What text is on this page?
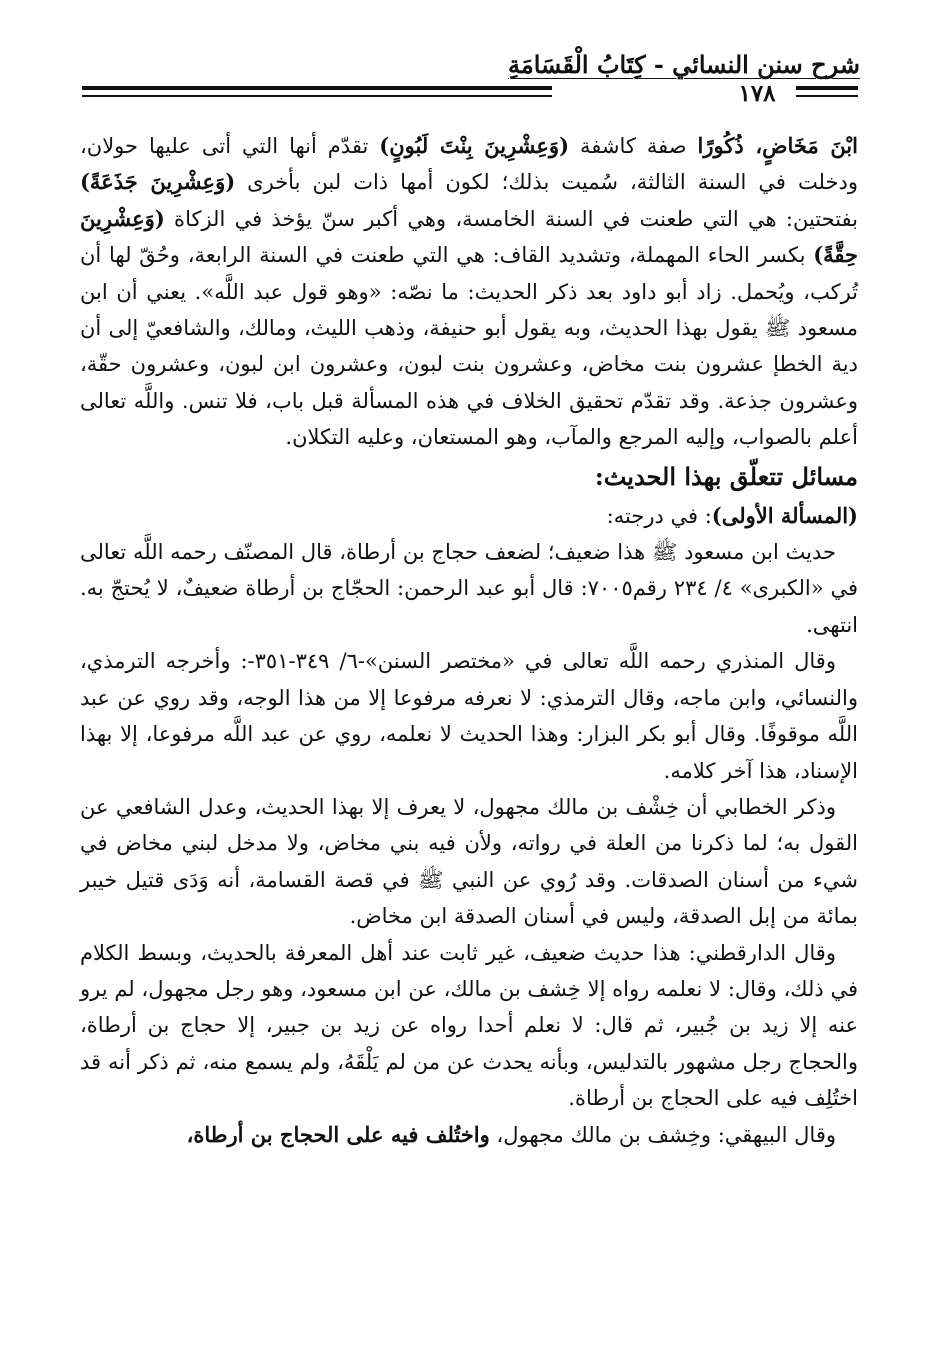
شرح سنن النسائي - كِتَابُ الْقَسَامَةِ
١٧٨

ابْنَ مَخَاضٍ، ذُكُورًا صفة كاشفة (وَعِشْرِينَ بِنْتَ لَبُونٍ) تقدّم أنها التي أتى عليها حولان، ودخلت في السنة الثالثة، سُميت بذلك؛ لكون أمها ذات لبن بأخرى (وَعِشْرِينَ جَذَعَةً) بفتحتين: هي التي طعنت في السنة الخامسة، وهي أكبر سنّ يؤخذ في الزكاة (وَعِشْرِينَ حِقَّةً) بكسر الحاء المهملة، وتشديد القاف: هي التي طعنت في السنة الرابعة، وحُقّ لها أن تُركب، ويُحمل. زاد أبو داود بعد ذكر الحديث: ما نصّه: «وهو قول عبد اللَّه». يعني أن ابن مسعود ﷺ يقول بهذا الحديث، وبه يقول أبو حنيفة، وذهب الليث، ومالك، والشافعيّ إلى أن دية الخطإ عشرون بنت مخاض، وعشرون بنت لبون، وعشرون ابن لبون، وعشرون حقّة، وعشرون جذعة. وقد تقدّم تحقيق الخلاف في هذه المسألة قبل باب، فلا تنس. واللَّه تعالى أعلم بالصواب، وإليه المرجع والمآب، وهو المستعان، وعليه التكلان.

مسائل تتعلّق بهذا الحديث:

(المسألة الأولى): في درجته:

حديث ابن مسعود ﷺ هذا ضعيف؛ لضعف حجاج بن أرطاة، قال المصنّف رحمه اللَّه تعالى في «الكبرى» ٤/ ٢٣٤ رقم٧٠٠٥: قال أبو عبد الرحمن: الحجّاج بن أرطاة ضعيفٌ، لا يُحتجّ به. انتهى.

وقال المنذري رحمه اللَّه تعالى في «مختصر السنن»-٦/ ٣٤٩-٣٥١-: وأخرجه الترمذي، والنسائي، وابن ماجه، وقال الترمذي: لا نعرفه مرفوعا إلا من هذا الوجه، وقد روي عن عبد اللَّه موقوفًا. وقال أبو بكر البزار: وهذا الحديث لا نعلمه، روي عن عبد اللَّه مرفوعا، إلا بهذا الإسناد، هذا آخر كلامه.

وذكر الخطابي أن خِشْف بن مالك مجهول، لا يعرف إلا بهذا الحديث، وعدل الشافعي عن القول به؛ لما ذكرنا من العلة في رواته، ولأن فيه بني مخاض، ولا مدخل لبني مخاض في شيء من أسنان الصدقات. وقد رُوي عن النبي ﷺ في قصة القسامة، أنه وَدَى قتيل خيبر بمائة من إبل الصدقة، وليس في أسنان الصدقة ابن مخاض.

وقال الدارقطني: هذا حديث ضعيف، غير ثابت عند أهل المعرفة بالحديث، وبسط الكلام في ذلك، وقال: لا نعلمه رواه إلا خِشف بن مالك، عن ابن مسعود، وهو رجل مجهول، لم يرو عنه إلا زيد بن جُبير، ثم قال: لا نعلم أحدا رواه عن زيد بن جبير، إلا حجاج بن أرطاة، والحجاج رجل مشهور بالتدليس، وبأنه يحدث عن من لم يَلْقَهُ، ولم يسمع منه، ثم ذكر أنه قد اختُلِف فيه على الحجاج بن أرطاة.

وقال البيهقي: وخِشف بن مالك مجهول، واختُلف فيه على الحجاج بن أرطاة،
